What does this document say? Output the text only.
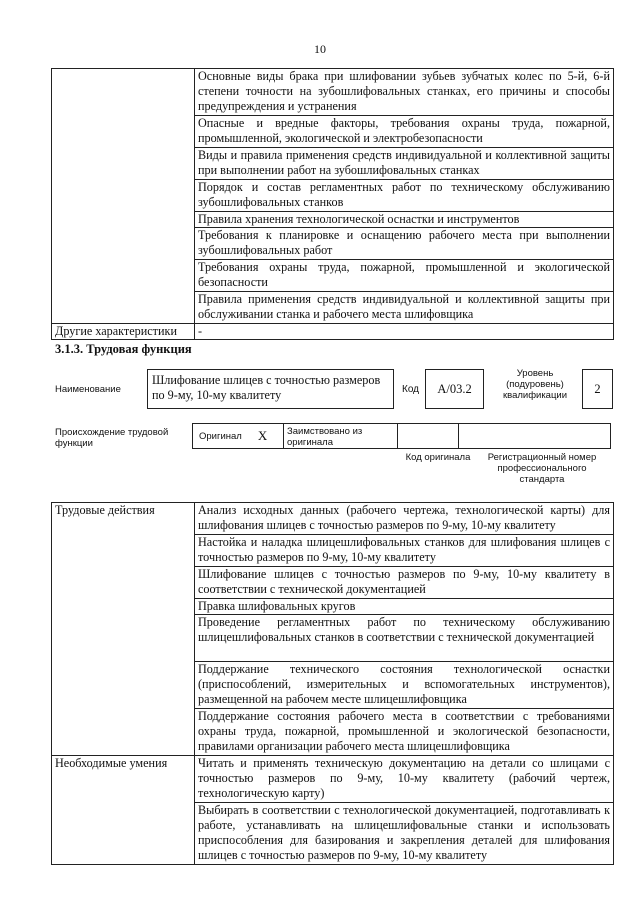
10
	Основные виды брака при шлифовании зубьев зубчатых колес по 5-й, 6-й степени точности на зубошлифовальных станках, его причины и способы предупреждения и устранения
	Опасные и вредные факторы, требования охраны труда, пожарной, промышленной, экологической и электробезопасности
	Виды и правила применения средств индивидуальной и коллективной защиты при выполнении работ на зубошлифовальных станках
	Порядок и состав регламентных работ по техническому обслуживанию зубошлифовальных станков
	Правила хранения технологической оснастки и инструментов
	Требования к планировке и оснащению рабочего места при выполнении зубошлифовальных работ
	Требования охраны труда, пожарной, промышленной и экологической безопасности
	Правила применения средств индивидуальной и коллективной защиты при обслуживании станка и рабочего места шлифовщика
Другие характеристики	-
3.1.3. Трудовая функция
Наименование
Шлифование шлицев с точностью размеров по 9-му, 10-му квалитету	Код	А/03.2
Уровень (подуровень) квалификации	2
Происхождение трудовой функции
Оригинал X	Заимствовано из оригинала
Код оригинала	Регистрационный номер профессионального стандарта
Трудовые действия	Анализ исходных данных (рабочего чертежа, технологической карты) для шлифования шлицев с точностью размеров по 9-му, 10-му квалитету
	Настойка и наладка шлицешлифовальных станков для шлифования шлицев с точностью размеров по 9-му, 10-му квалитету
	Шлифование шлицев с точностью размеров по 9-му, 10-му квалитету в соответствии с технической документацией
	Правка шлифовальных кругов
	Проведение регламентных работ по техническому обслуживанию шлицешлифовальных станков в соответствии с технической документацией
	Поддержание технического состояния технологической оснастки (приспособлений, измерительных и вспомогательных инструментов), размещенной на рабочем месте шлицешлифовщика
	Поддержание состояния рабочего места в соответствии с требованиями охраны труда, пожарной, промышленной и экологической безопасности, правилами организации рабочего места шлицешлифовщика
Необходимые умения	Читать и применять техническую документацию на детали со шлицами с точностью размеров по 9-му, 10-му квалитету (рабочий чертеж, технологическую карту)
	Выбирать в соответствии с технологической документацией, подготавливать к работе, устанавливать на шлицешлифовальные станки и использовать приспособления для базирования и закрепления деталей для шлифования шлицев с точностью размеров по 9-му, 10-му квалитету
